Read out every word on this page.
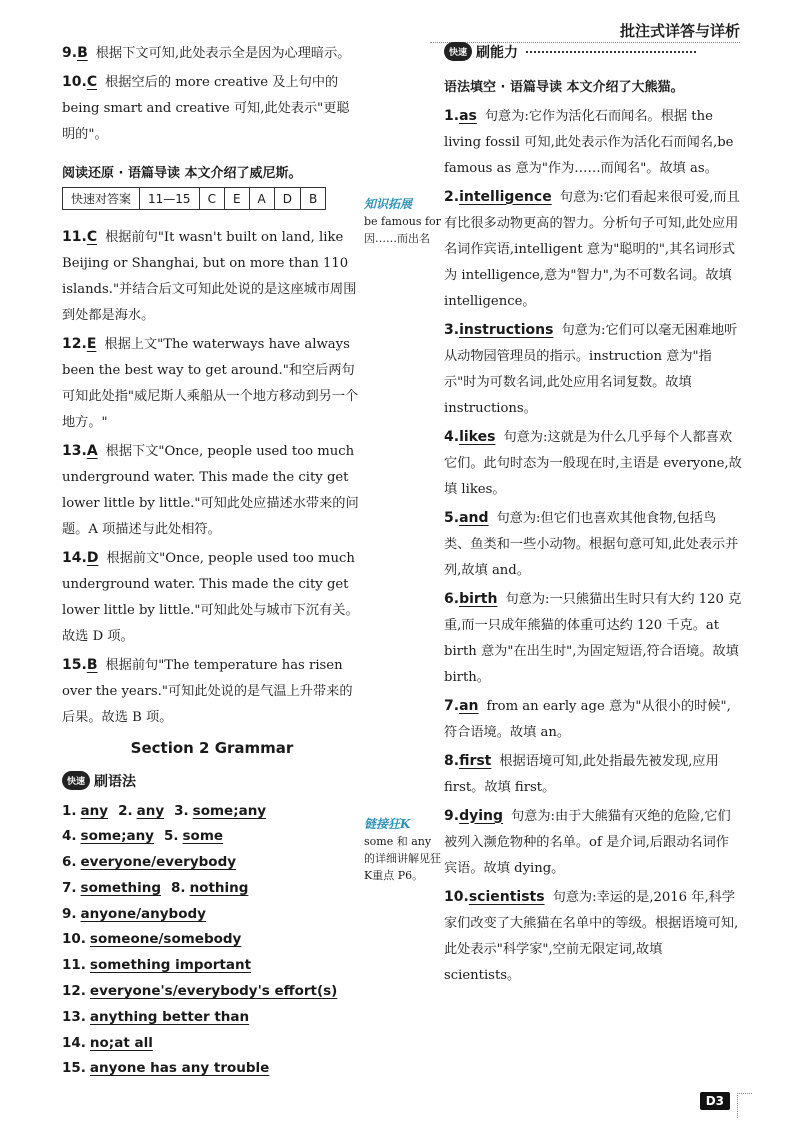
批注式详答与详析
9.B 根据下文可知,此处表示全是因为心理暗示。
10.C 根据空后的 more creative 及上句中的 being smart and creative 可知,此处表示"更聪明的"。
阅读还原 · 语篇导读 本文介绍了威尼斯。
快速对答案	11—15	C	E	A	D	B
11.C 根据前句"It wasn't built on land, like Beijing or Shanghai, but on more than 110 islands."并结合后文可知此处说的是这座城市周围到处都是海水。
12.E 根据上文"The waterways have always been the best way to get around."和空后两句可知此处指"威尼斯人乘船从一个地方移动到另一个地方。"
13.A 根据下文"Once, people used too much underground water. This made the city get lower little by little."可知此处应描述水带来的问题。A 项描述与此处相符。
14.D 根据前文"Once, people used too much underground water. This made the city get lower little by little."可知此处与城市下沉有关。故选 D 项。
15.B 根据前句"The temperature has risen over the years."可知此处说的是气温上升带来的后果。故选 B 项。
Section 2 Grammar
快速 刷语法
1. any 2. any 3. some;any
4. some;any 5. some
6. everyone/everybody
7. something 8. nothing
9. anyone/anybody
10. someone/somebody
11. something important
12. everyone's/everybody's effort(s)
13. anything better than
14. no;at all
15. anyone has any trouble
知识拓展
be famous for 因……而出名
链接狂K
some 和 any 的详细讲解见狂K重点 P6。
快速 刷能力
语法填空 · 语篇导读 本文介绍了大熊猫。
1.as 句意为:它作为活化石而闻名。根据 the living fossil 可知,此处表示作为活化石而闻名,be famous as 意为"作为……而闻名"。故填 as。
2.intelligence 句意为:它们看起来很可爱,而且有比很多动物更高的智力。分析句子可知,此处应用名词作宾语,intelligent 意为"聪明的",其名词形式为 intelligence,意为"智力",为不可数名词。故填 intelligence。
3.instructions 句意为:它们可以毫无困难地听从动物园管理员的指示。instruction 意为"指示"时为可数名词,此处应用名词复数。故填 instructions。
4.likes 句意为:这就是为什么几乎每个人都喜欢它们。此句时态为一般现在时,主语是 everyone,故填 likes。
5.and 句意为:但它们也喜欢其他食物,包括鸟类、鱼类和一些小动物。根据句意可知,此处表示并列,故填 and。
6.birth 句意为:一只熊猫出生时只有大约 120 克重,而一只成年熊猫的体重可达约 120 千克。at birth 意为"在出生时",为固定短语,符合语境。故填 birth。
7.an from an early age 意为"从很小的时候",符合语境。故填 an。
8.first 根据语境可知,此处指最先被发现,应用 first。故填 first。
9.dying 句意为:由于大熊猫有灭绝的危险,它们被列入濒危物种的名单。of 是介词,后跟动名词作宾语。故填 dying。
10.scientists 句意为:幸运的是,2016 年,科学家们改变了大熊猫在名单中的等级。根据语境可知,此处表示"科学家",空前无限定词,故填 scientists。
D3
